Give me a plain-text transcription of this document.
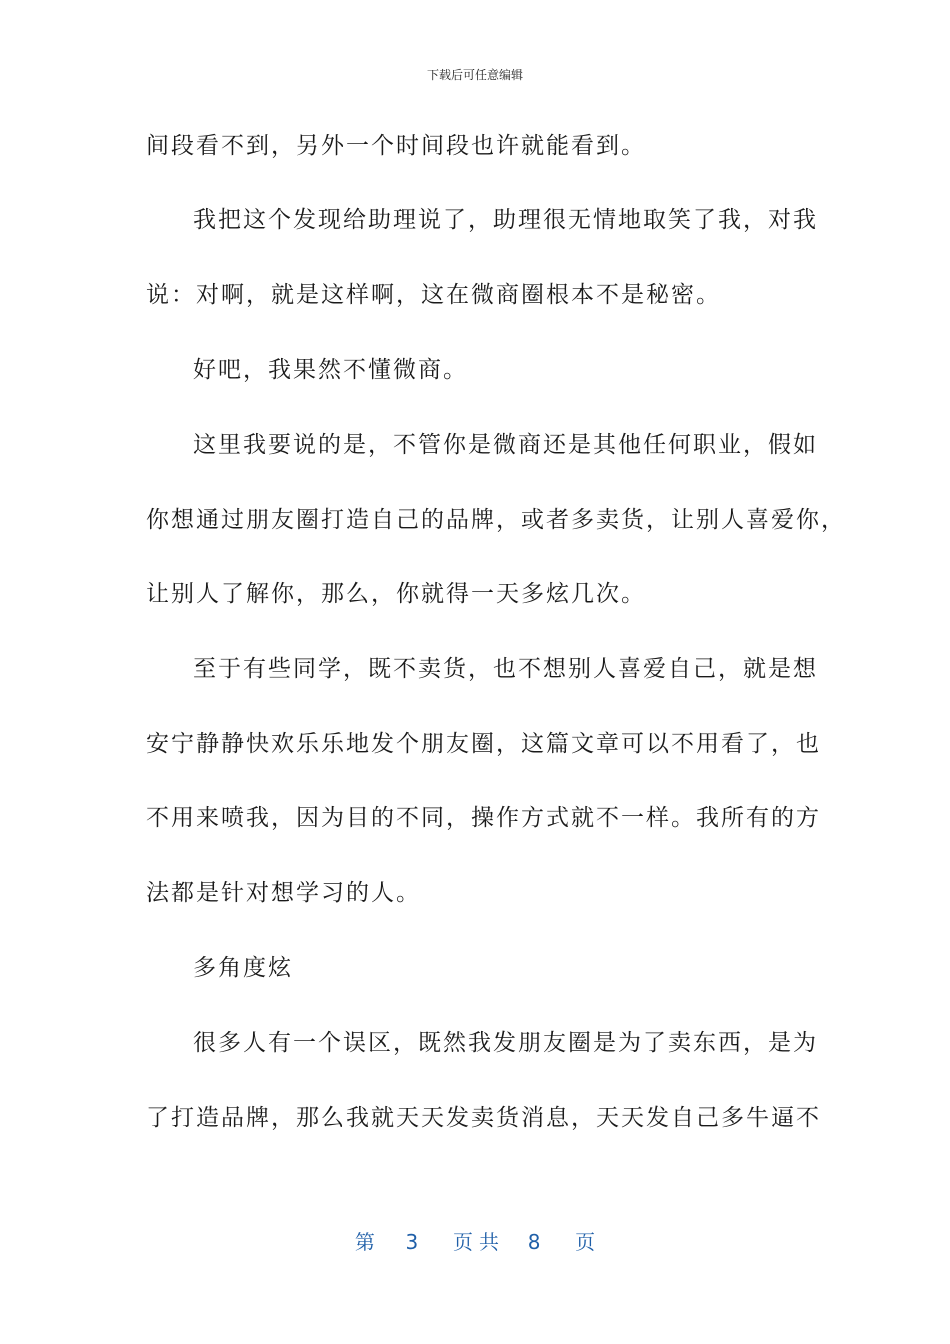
下载后可任意编辑
间段看不到，另外一个时间段也许就能看到。
我把这个发现给助理说了，助理很无情地取笑了我，对我
说：对啊，就是这样啊，这在微商圈根本不是秘密。
好吧，我果然不懂微商。
这里我要说的是，不管你是微商还是其他任何职业，假如
你想通过朋友圈打造自己的品牌，或者多卖货，让别人喜爱你，
让别人了解你，那么，你就得一天多炫几次。
至于有些同学，既不卖货，也不想别人喜爱自己，就是想
安宁静静快欢乐乐地发个朋友圈，这篇文章可以不用看了，也
不用来喷我，因为目的不同，操作方式就不一样。我所有的方
法都是针对想学习的人。
多角度炫
很多人有一个误区，既然我发朋友圈是为了卖东西，是为
了打造品牌，那么我就天天发卖货消息，天天发自己多牛逼不
第 3 页共 8 页
